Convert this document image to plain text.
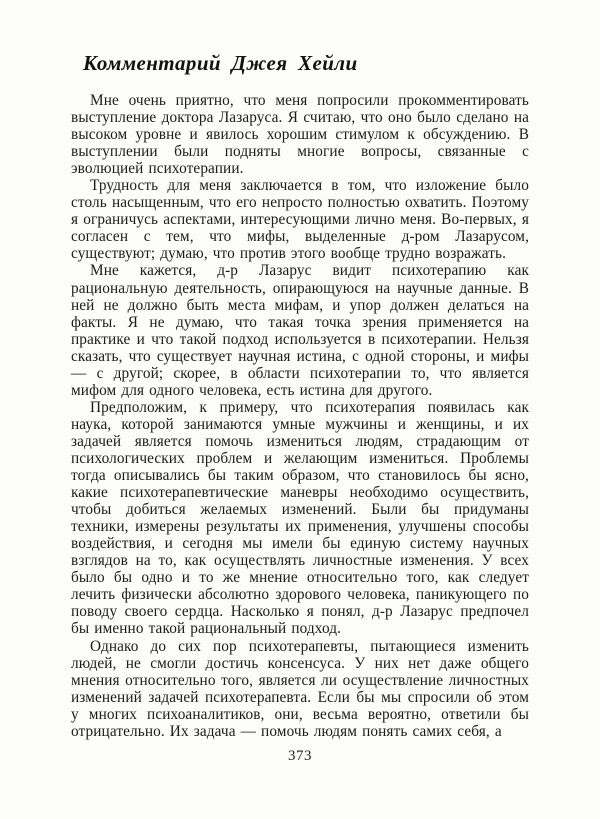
Комментарий Джея Хейли

Мне очень приятно, что меня попросили прокомментировать выступление доктора Лазаруса. Я считаю, что оно было сделано на высоком уровне и явилось хорошим стимулом к обсуждению. В выступлении были подняты многие вопросы, связанные с эволюцией психотерапии.

Трудность для меня заключается в том, что изложение было столь насыщенным, что его непросто полностью охватить. Поэтому я ограничусь аспектами, интересующими лично меня. Во-первых, я согласен с тем, что мифы, выделенные д-ром Лазарусом, существуют; думаю, что против этого вообще трудно возражать.

Мне кажется, д-р Лазарус видит психотерапию как рациональную деятельность, опирающуюся на научные данные. В ней не должно быть места мифам, и упор должен делаться на факты. Я не думаю, что такая точка зрения применяется на практике и что такой подход используется в психотерапии. Нельзя сказать, что существует научная истина, с одной стороны, и мифы — с другой; скорее, в области психотерапии то, что является мифом для одного человека, есть истина для другого.

Предположим, к примеру, что психотерапия появилась как наука, которой занимаются умные мужчины и женщины, и их задачей является помочь измениться людям, страдающим от психологических проблем и желающим измениться. Проблемы тогда описывались бы таким образом, что становилось бы ясно, какие психотерапевтические маневры необходимо осуществить, чтобы добиться желаемых изменений. Были бы придуманы техники, измерены результаты их применения, улучшены способы воздействия, и сегодня мы имели бы единую систему научных взглядов на то, как осуществлять личностные изменения. У всех было бы одно и то же мнение относительно того, как следует лечить физически абсолютно здорового человека, паникующего по поводу своего сердца. Насколько я понял, д-р Лазарус предпочел бы именно такой рациональный подход.

Однако до сих пор психотерапевты, пытающиеся изменить людей, не смогли достичь консенсуса. У них нет даже общего мнения относительно того, является ли осуществление личностных изменений задачей психотерапевта. Если бы мы спросили об этом у многих психоаналитиков, они, весьма вероятно, ответили бы отрицательно. Их задача — помочь людям понять самих себя, а

373
